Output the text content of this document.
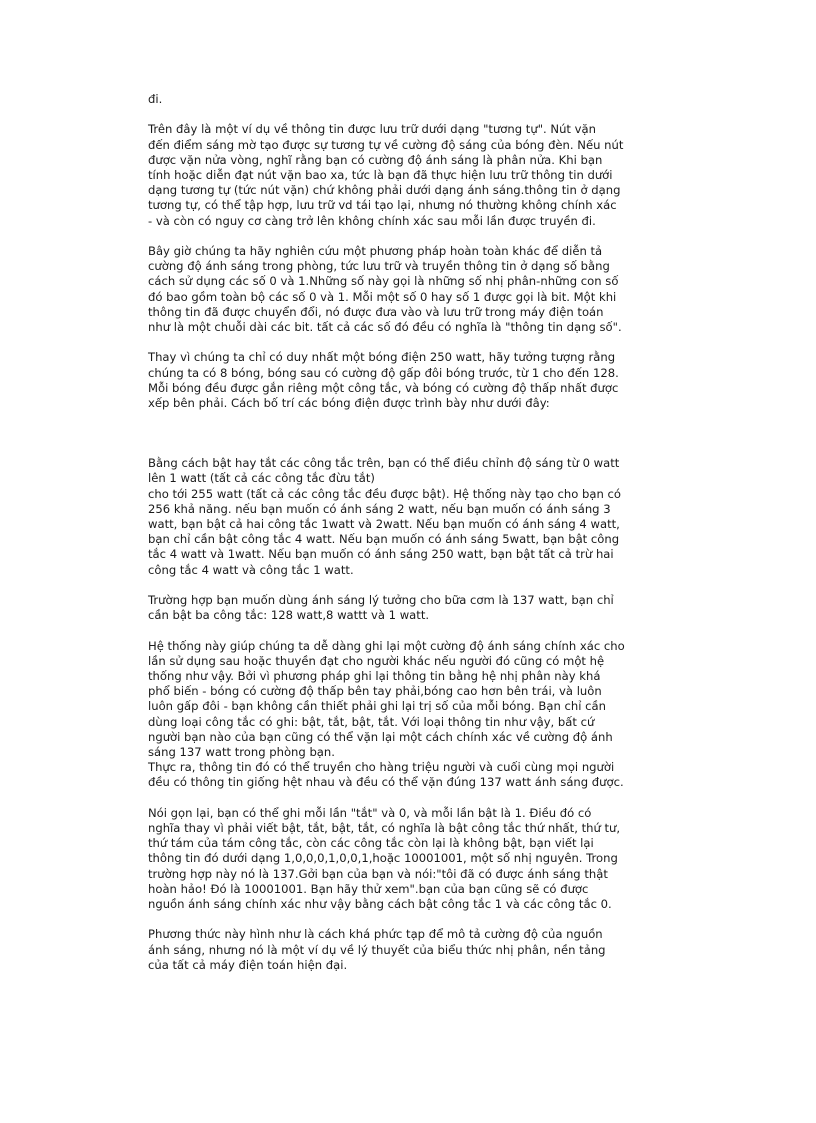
đi.

Trên đây là một ví dụ về thông tin được lưu trữ dưới dạng "tương tự". Nút vặn
đến điểm sáng mờ tạo được sự tương tự về cường độ sáng của bóng đèn. Nếu nút
được vặn nửa vòng, nghĩ rằng bạn có cường độ ánh sáng là phân nửa. Khi bạn
tính hoặc diễn đạt nút vặn bao xa, tức là bạn đã thực hiện lưu trữ thông tin dưới
dạng tương tự (tức nút vặn) chứ không phải dưới dạng ánh sáng.thông tin ở dạng
tương tự, có thể tập hợp, lưu trữ vd tái tạo lại, nhưng nó thường không chính xác
- và còn có nguy cơ càng trở lên không chính xác sau mỗi lần được truyền đi.

Bây giờ chúng ta hãy nghiên cứu một phương pháp hoàn toàn khác để diễn tả
cường độ ánh sáng trong phòng, tức lưu trữ và truyền thông tin ở dạng số bằng
cách sử dụng các số 0 và 1.Những số này gọi là những số nhị phân-những con số
đó bao gồm toàn bộ các số 0 và 1. Mỗi một số 0 hay số 1 được gọi là bit. Một khi
thông tin đã được chuyển đổi, nó được đưa vào và lưu trữ trong máy điện toán
như là một chuỗi dài các bit. tất cả các số đó đều có nghĩa là "thông tin dạng số".

Thay vì chúng ta chỉ có duy nhất một bóng điện 250 watt, hãy tưởng tượng rằng
chúng ta có 8 bóng, bóng sau có cường độ gấp đôi bóng trước, từ 1 cho đến 128.
Mỗi bóng đều được gắn riêng một công tắc, và bóng có cường độ thấp nhất được
xếp bên phải. Cách bố trí các bóng điện được trình bày như dưới đây:

Bằng cách bật hay tắt các công tắc trên, bạn có thể điều chỉnh độ sáng từ 0 watt
lên 1 watt (tất cả các công tắc đừu tắt)
cho tới 255 watt (tất cả các công tắc đều được bật). Hệ thống này tạo cho bạn có
256 khả năng. nếu bạn muốn có ánh sáng 2 watt, nếu bạn muốn có ánh sáng 3
watt, bạn bật cả hai công tắc 1watt và 2watt. Nếu bạn muốn có ánh sáng 4 watt,
bạn chỉ cần bật công tắc 4 watt. Nếu bạn muốn có ánh sáng 5watt, bạn bật công
tắc 4 watt và 1watt. Nếu bạn muốn có ánh sáng 250 watt, bạn bật tất cả trừ hai
công tắc 4 watt và công tắc 1 watt.

Trường hợp bạn muốn dùng ánh sáng lý tưởng cho bữa cơm là 137 watt, bạn chỉ
cần bật ba công tắc: 128 watt,8 wattt và 1 watt.

Hệ thống này giúp chúng ta dễ dàng ghi lại một cường độ ánh sáng chính xác cho
lần sử dụng sau hoặc thuyền đạt cho người khác nếu người đó cũng có một hệ
thống như vậy. Bởi vì phương pháp ghi lại thông tin bằng hệ nhị phân này khá
phổ biến - bóng có cường độ thấp bên tay phải,bóng cao hơn bên trái, và luôn
luôn gấp đôi - bạn không cần thiết phải ghi lại trị số của mỗi bóng. Bạn chỉ cần
dùng loại công tắc có ghi: bật, tắt, bật, tắt. Với loại thông tin như vậy, bất cứ
người bạn nào của bạn cũng có thể vặn lại một cách chính xác về cường độ ánh
sáng 137 watt trong phòng bạn.
Thực ra, thông tin đó có thể truyền cho hàng triệu người và cuối cùng mọi người
đều có thông tin giống hệt nhau và đều có thể vặn đúng 137 watt ánh sáng được.

Nói gọn lại, bạn có thể ghi mỗi lần "tắt" và 0, và mỗi lần bật là 1. Điều đó có
nghĩa thay vì phải viết bật, tắt, bật, tắt, có nghĩa là bật công tắc thứ nhất, thứ tư,
thứ tám của tám công tắc, còn các công tắc còn lại là không bật, bạn viết lại
thông tin đó dưới dạng 1,0,0,0,1,0,0,1,hoặc 10001001, một số nhị nguyên. Trong
trường hợp này nó là 137.Gởi bạn của bạn và nói:"tôi đã có được ánh sáng thật
hoàn hảo! Đó là 10001001. Bạn hãy thử xem".bạn của bạn cũng sẽ có được
nguồn ánh sáng chính xác như vậy bằng cách bật công tắc 1 và các công tắc 0.

Phương thức này hình như là cách khá phức tạp để mô tả cường độ của nguồn
ánh sáng, nhưng nó là một ví dụ về lý thuyết của biểu thức nhị phân, nền tảng
của tất cả máy điện toán hiện đại.
